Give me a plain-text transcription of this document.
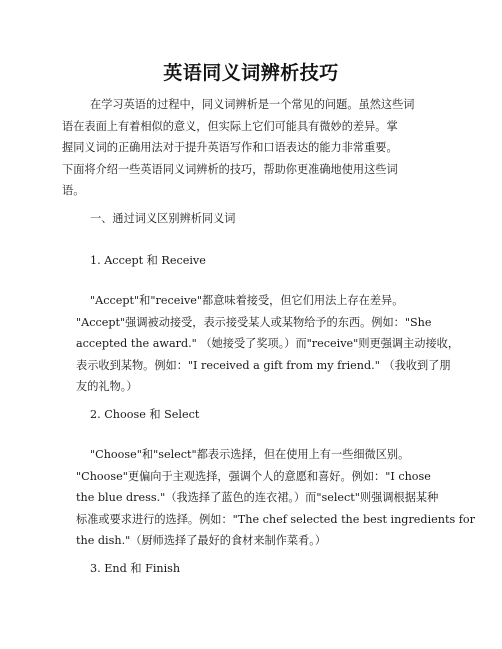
英语同义词辨析技巧
在学习英语的过程中，同义词辨析是一个常见的问题。虽然这些词
语在表面上有着相似的意义，但实际上它们可能具有微妙的差异。掌
握同义词的正确用法对于提升英语写作和口语表达的能力非常重要。
下面将介绍一些英语同义词辨析的技巧，帮助你更准确地使用这些词
语。
一、通过词义区别辨析同义词
1. Accept 和 Receive
"Accept"和"receive"都意味着接受，但它们用法上存在差异。
"Accept"强调被动接受，表示接受某人或某物给予的东西。例如："She
accepted the award." （她接受了奖项。）而"receive"则更强调主动接收，
表示收到某物。例如："I received a gift from my friend." （我收到了朋
友的礼物。）
2. Choose 和 Select
"Choose"和"select"都表示选择，但在使用上有一些细微区别。
"Choose"更偏向于主观选择，强调个人的意愿和喜好。例如："I chose
the blue dress."（我选择了蓝色的连衣裙。）而"select"则强调根据某种
标准或要求进行的选择。例如："The chef selected the best ingredients for
the dish."（厨师选择了最好的食材来制作菜肴。）
3. End 和 Finish
